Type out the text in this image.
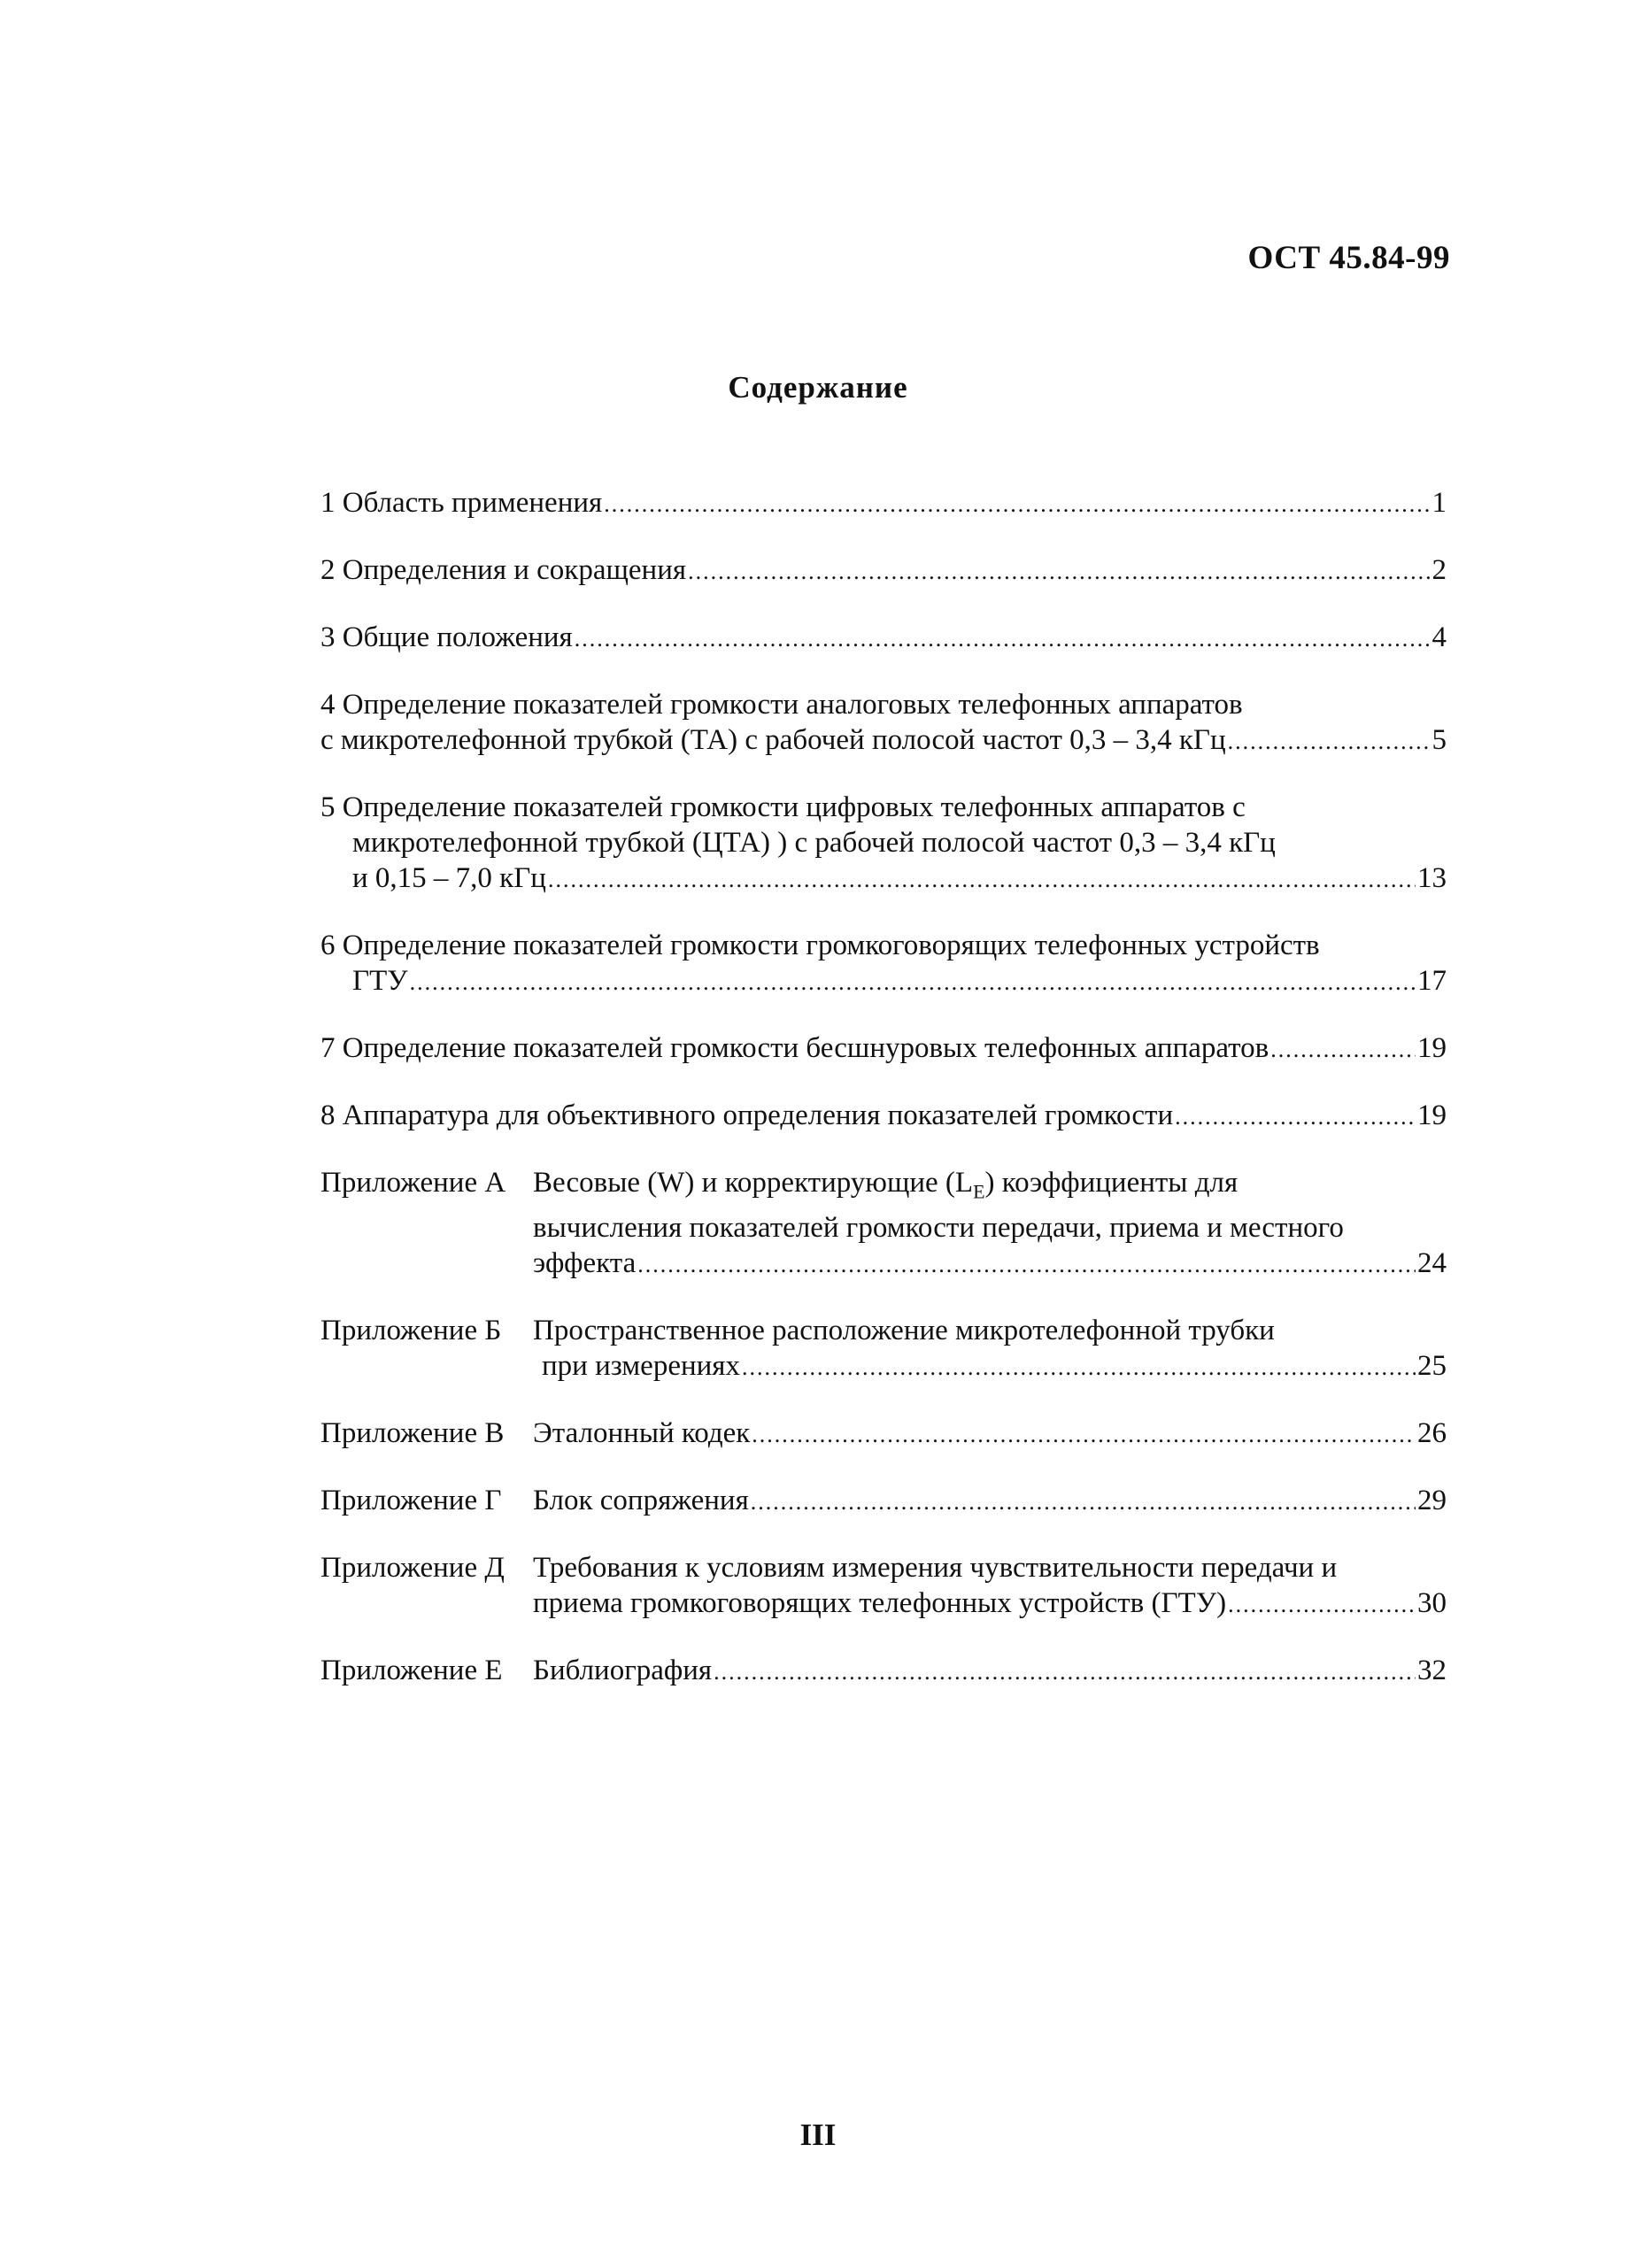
ОСТ 45.84-99
Содержание
1 Область применения .....	1
2 Определения и сокращения .....	2
3 Общие положения .....	4
4 Определение показателей громкости аналоговых телефонных аппаратов
с микротелефонной трубкой (ТА) с рабочей полосой частот 0,3 – 3,4 кГц .....	5
5 Определение показателей громкости цифровых телефонных аппаратов с
микротелефонной трубкой (ЦТА) ) с рабочей полосой частот 0,3 – 3,4 кГц
и 0,15 – 7,0 кГц .....	13
6 Определение показателей громкости громкоговорящих телефонных устройств
ГТУ .....	17
7 Определение показателей громкости бесшнуровых телефонных аппаратов .....	19
8 Аппаратура для объективного определения показателей громкости .....	19
Приложение А Весовые (W) и корректирующие $(L_E)$ коэффициенты для
вычисления показателей громкости передачи, приема и местного
эффекта .....	24
Приложение Б	Пространственное расположение микротелефонной трубки
при измерениях .....	25
Приложение В Эталонный кодек .....	26
Приложение Г	Блок сопряжения .....	29
Приложение Д Требования к условиям измерения чувствительности передачи и
приема громкоговорящих телефонных устройств (ГТУ) .....	30
Приложение Е	Библиография .....	32
III
